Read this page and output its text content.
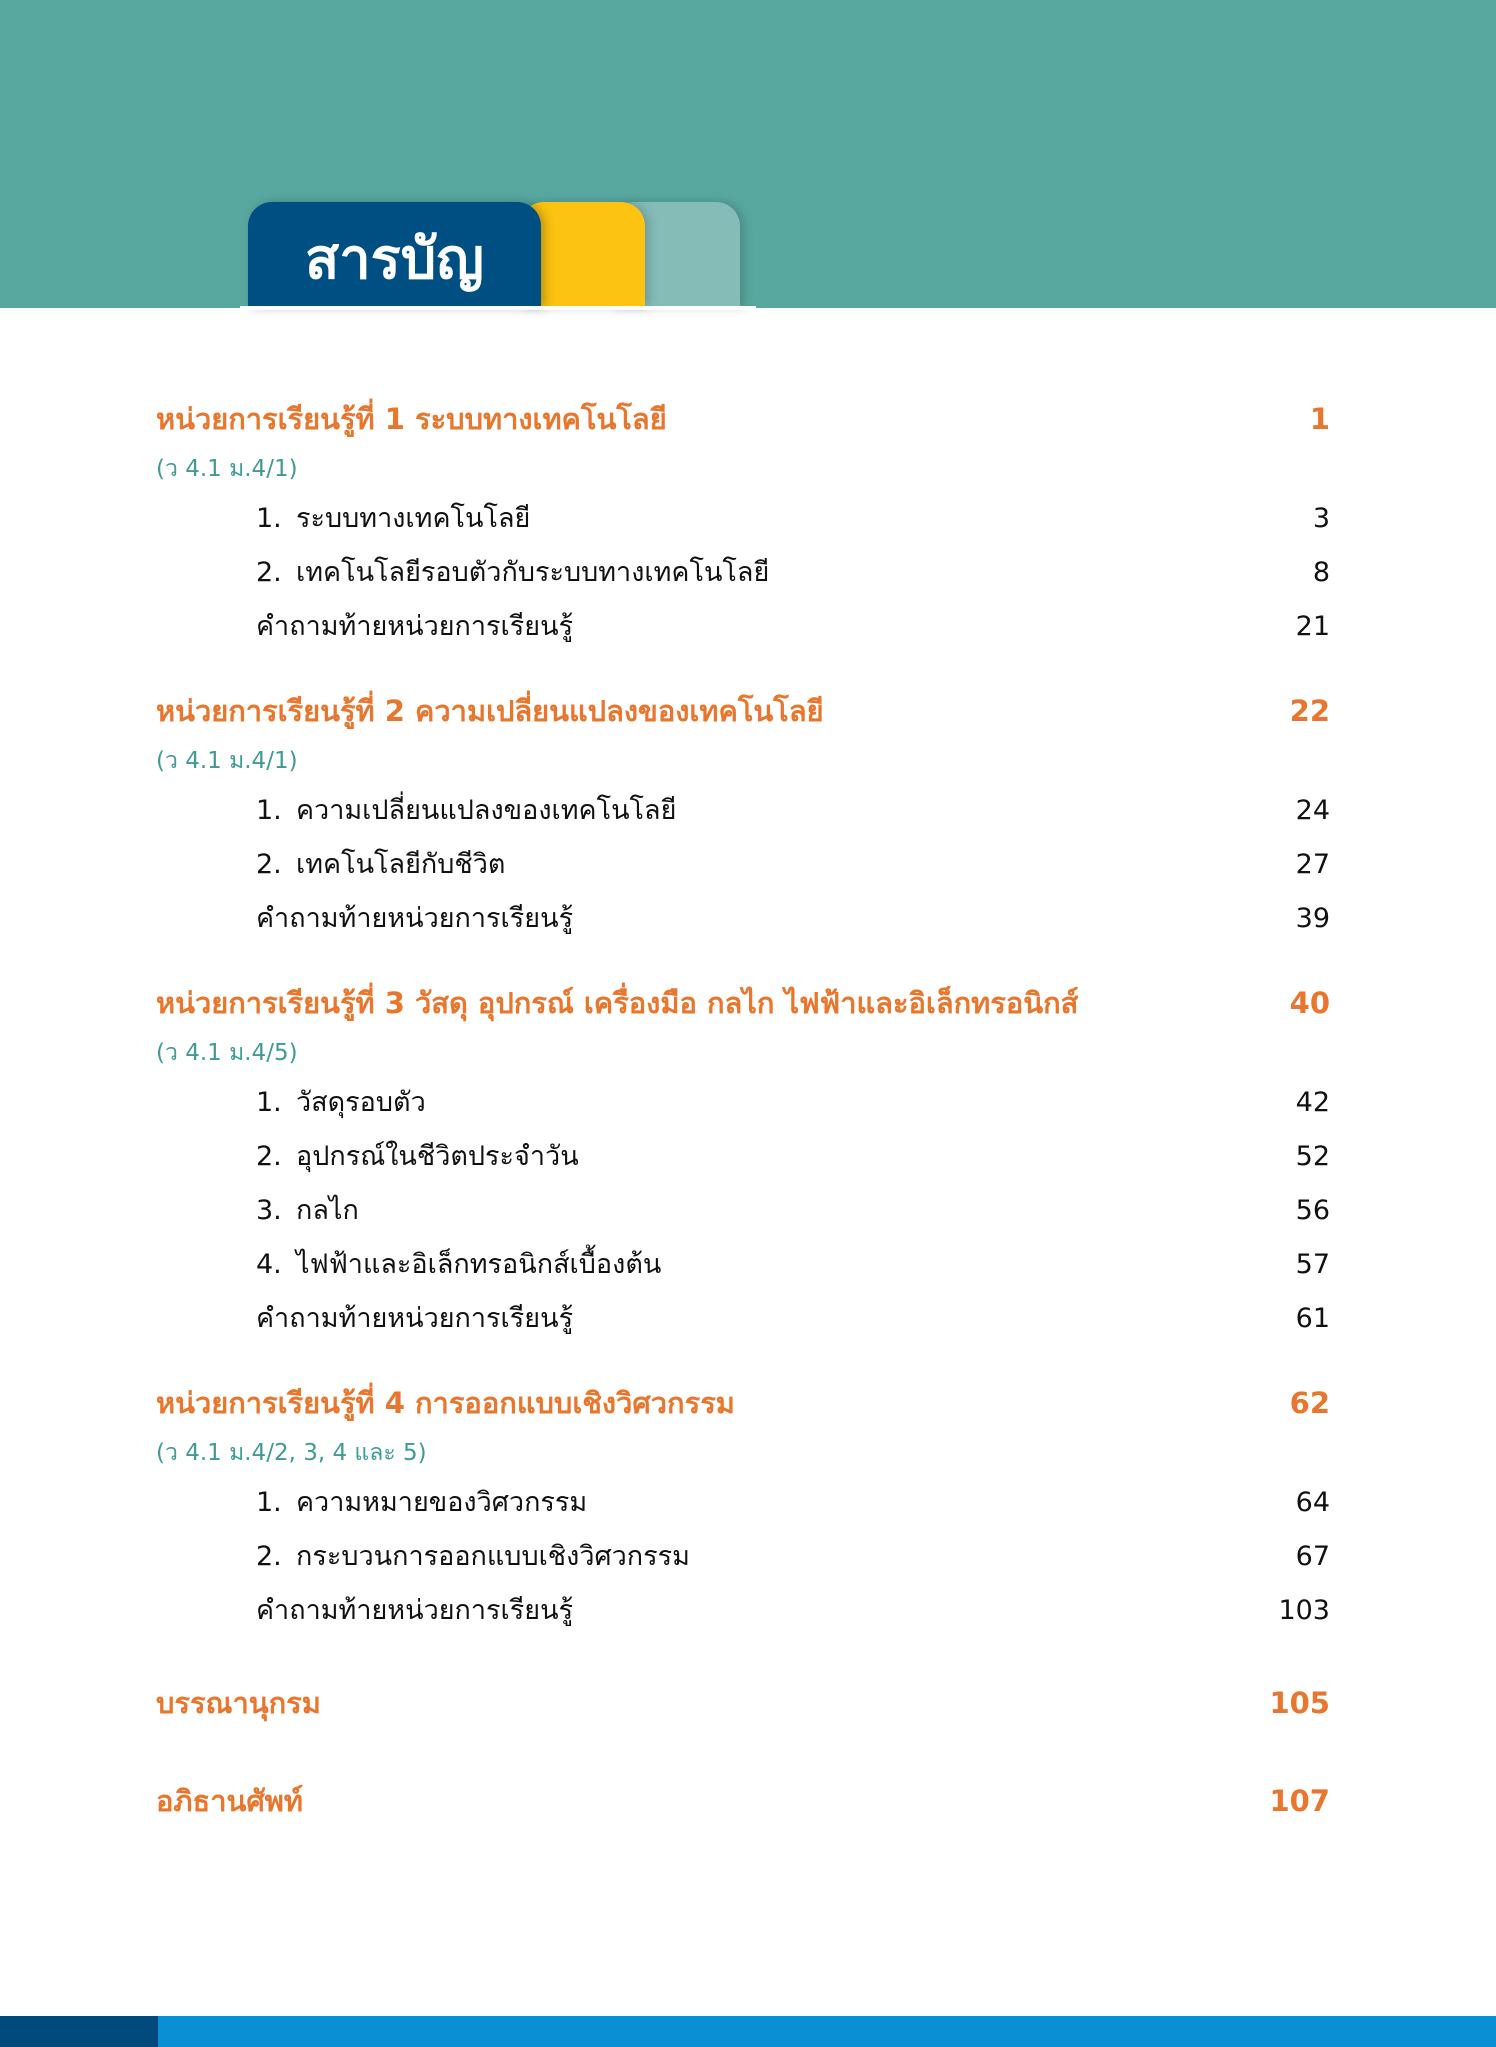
สารบัญ
หน่วยการเรียนรู้ที่ 1 ระบบทางเทคโนโลยี	1
(ว 4.1 ม.4/1)
1. ระบบทางเทคโนโลยี	3
2. เทคโนโลยีรอบตัวกับระบบทางเทคโนโลยี	8
คำถามท้ายหน่วยการเรียนรู้	21
หน่วยการเรียนรู้ที่ 2 ความเปลี่ยนแปลงของเทคโนโลยี	22
(ว 4.1 ม.4/1)
1. ความเปลี่ยนแปลงของเทคโนโลยี	24
2. เทคโนโลยีกับชีวิต	27
คำถามท้ายหน่วยการเรียนรู้	39
หน่วยการเรียนรู้ที่ 3 วัสดุ อุปกรณ์ เครื่องมือ กลไก ไฟฟ้าและอิเล็กทรอนิกส์	40
(ว 4.1 ม.4/5)
1. วัสดุรอบตัว	42
2. อุปกรณ์ในชีวิตประจำวัน	52
3. กลไก	56
4. ไฟฟ้าและอิเล็กทรอนิกส์เบื้องต้น	57
คำถามท้ายหน่วยการเรียนรู้	61
หน่วยการเรียนรู้ที่ 4 การออกแบบเชิงวิศวกรรม	62
(ว 4.1 ม.4/2, 3, 4 และ 5)
1. ความหมายของวิศวกรรม	64
2. กระบวนการออกแบบเชิงวิศวกรรม	67
คำถามท้ายหน่วยการเรียนรู้	103
บรรณานุกรม	105
อภิธานศัพท์	107
